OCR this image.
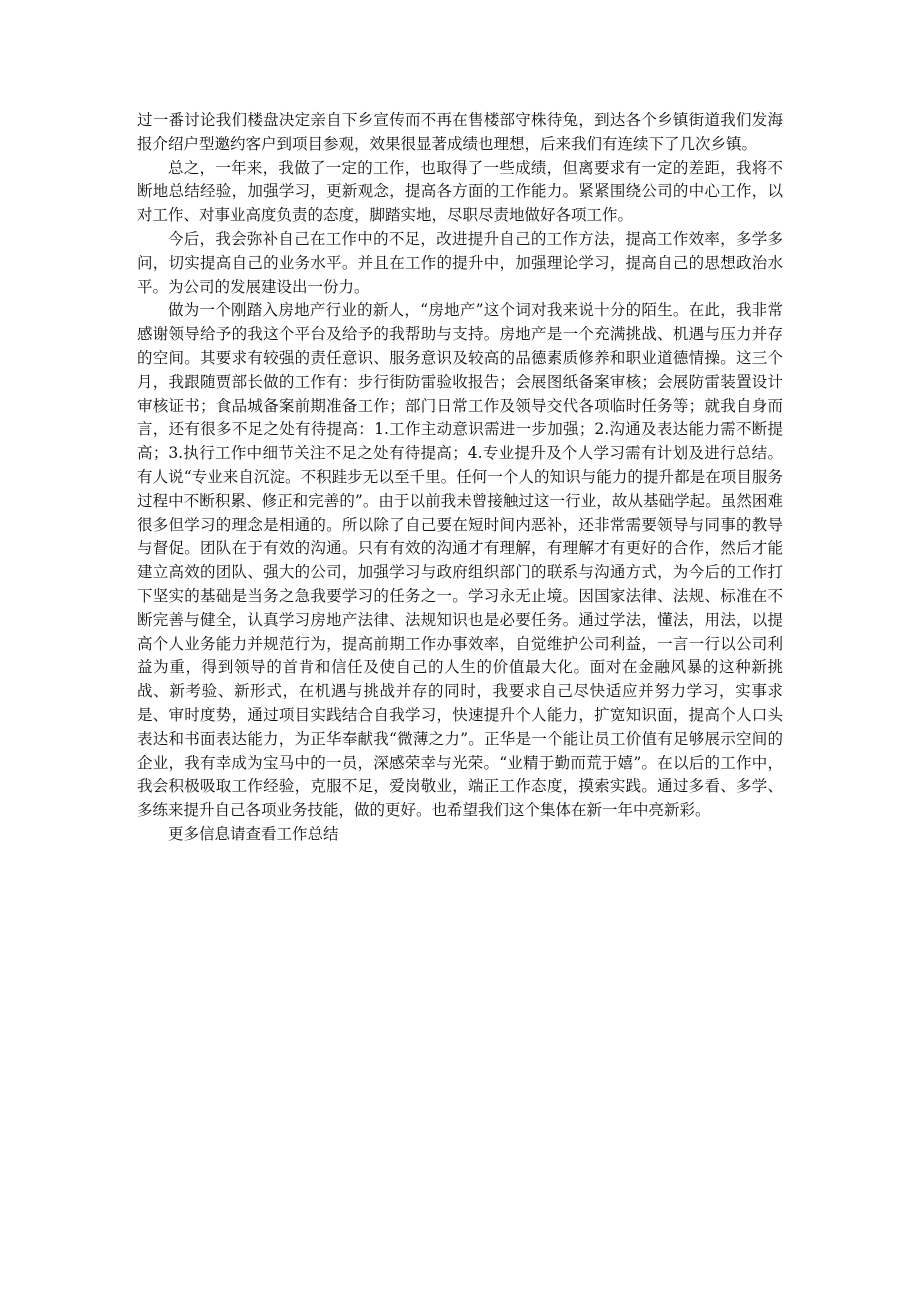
过一番讨论我们楼盘决定亲自下乡宣传而不再在售楼部守株待兔，到达各个乡镇街道我们发海报介绍户型邀约客户到项目参观，效果很显著成绩也理想，后来我们有连续下了几次乡镇。

总之，一年来，我做了一定的工作，也取得了一些成绩，但离要求有一定的差距，我将不断地总结经验，加强学习，更新观念，提高各方面的工作能力。紧紧围绕公司的中心工作，以对工作、对事业高度负责的态度，脚踏实地，尽职尽责地做好各项工作。

今后，我会弥补自己在工作中的不足，改进提升自己的工作方法，提高工作效率，多学多问，切实提高自己的业务水平。并且在工作的提升中，加强理论学习，提高自己的思想政治水平。为公司的发展建设出一份力。

做为一个刚踏入房地产行业的新人，“房地产”这个词对我来说十分的陌生。在此，我非常感谢领导给予的我这个平台及给予的我帮助与支持。房地产是一个充满挑战、机遇与压力并存的空间。其要求有较强的责任意识、服务意识及较高的品德素质修养和职业道德情操。这三个月，我跟随贾部长做的工作有：步行街防雷验收报告；会展图纸备案审核；会展防雷装置设计审核证书；食品城备案前期准备工作；部门日常工作及领导交代各项临时任务等；就我自身而言，还有很多不足之处有待提高：1.工作主动意识需进一步加强；2.沟通及表达能力需不断提高；3.执行工作中细节关注不足之处有待提高；4.专业提升及个人学习需有计划及进行总结。有人说“专业来自沉淀。不积跬步无以至千里。任何一个人的知识与能力的提升都是在项目服务过程中不断积累、修正和完善的”。由于以前我未曾接触过这一行业，故从基础学起。虽然困难很多但学习的理念是相通的。所以除了自己要在短时间内恶补，还非常需要领导与同事的教导与督促。团队在于有效的沟通。只有有效的沟通才有理解，有理解才有更好的合作，然后才能建立高效的团队、强大的公司，加强学习与政府组织部门的联系与沟通方式，为今后的工作打下坚实的基础是当务之急我要学习的任务之一。学习永无止境。因国家法律、法规、标准在不断完善与健全，认真学习房地产法律、法规知识也是必要任务。通过学法，懂法，用法，以提高个人业务能力并规范行为，提高前期工作办事效率，自觉维护公司利益，一言一行以公司利益为重，得到领导的首肯和信任及使自己的人生的价值最大化。面对在金融风暴的这种新挑战、新考验、新形式，在机遇与挑战并存的同时，我要求自己尽快适应并努力学习，实事求是、审时度势，通过项目实践结合自我学习，快速提升个人能力，扩宽知识面，提高个人口头表达和书面表达能力，为正华奉献我“微薄之力”。正华是一个能让员工价值有足够展示空间的企业，我有幸成为宝马中的一员，深感荣幸与光荣。“业精于勤而荒于嬉”。在以后的工作中，我会积极吸取工作经验，克服不足，爱岗敬业，端正工作态度，摸索实践。通过多看、多学、多练来提升自己各项业务技能，做的更好。也希望我们这个集体在新一年中亮新彩。

更多信息请查看工作总结
